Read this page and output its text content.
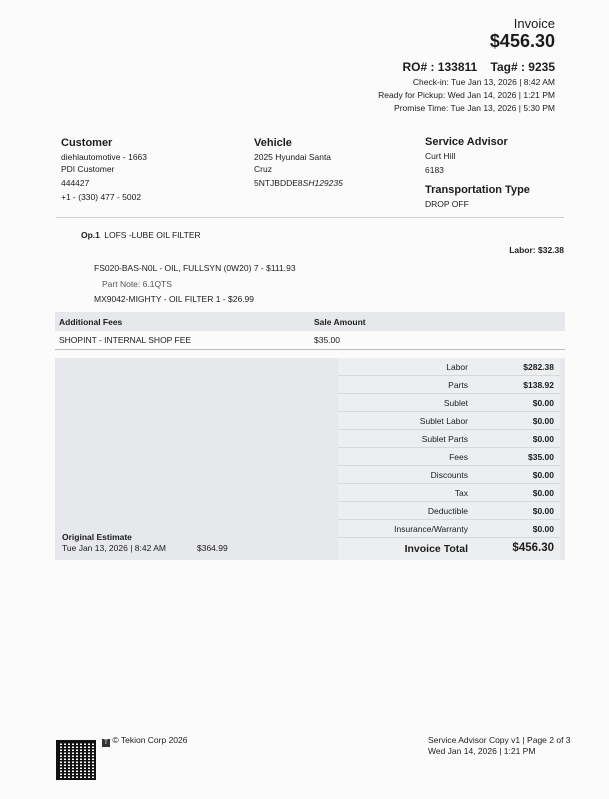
Invoice
$456.30
RO# : 133811 Tag# : 9235
Check-in: Tue Jan 13, 2026 | 8:42 AM
Ready for Pickup: Wed Jan 14, 2026 | 1:21 PM
Promise Time: Tue Jan 13, 2026 | 5:30 PM
Customer
diehlautomotive - 1663
PDI Customer
444427
+1 - (330) 477 - 5002
Vehicle
2025 Hyundai Santa
Cruz
5NTJBDDE8SH129235
Service Advisor
Curt Hill
6183
Transportation Type
DROP OFF
Op.1 LOFS -LUBE OIL FILTER
Labor: $32.38
FS020-BAS-N0L - OIL, FULLSYN (0W20) 7 - $111.93
Part Note: 6.1QTS
MX9042-MIGHTY - OIL FILTER 1 - $26.99
Additional Fees	Sale Amount
SHOPINT - INTERNAL SHOP FEE	$35.00
Original Estimate
Tue Jan 13, 2026 | 8:42 AM	$364.99
Labor	$282.38
Parts	$138.92
Sublet	$0.00
Sublet Labor	$0.00
Sublet Parts	$0.00
Fees	$35.00
Discounts	$0.00
Tax	$0.00
Deductible	$0.00
Insurance/Warranty	$0.00
Invoice Total	$456.30
T © Tekion Corp 2026	Service Advisor Copy v1 | Page 2 of 3
Wed Jan 14, 2026 | 1:21 PM
